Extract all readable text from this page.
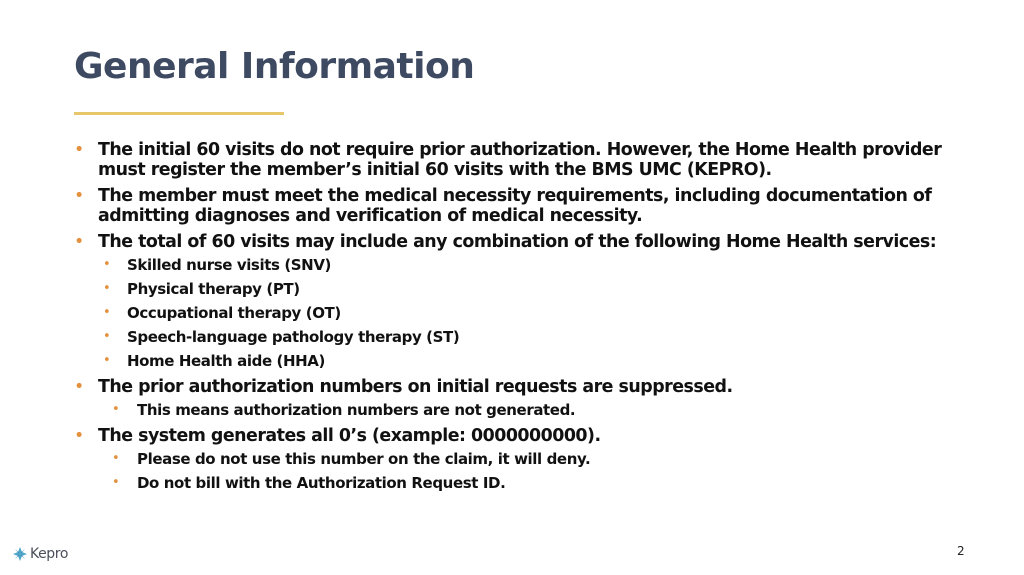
General Information
• The initial 60 visits do not require prior authorization. However, the Home Health provider must register the member’s initial 60 visits with the BMS UMC (KEPRO).
• The member must meet the medical necessity requirements, including documentation of admitting diagnoses and verification of medical necessity.
• The total of 60 visits may include any combination of the following Home Health services:
• Skilled nurse visits (SNV)
• Physical therapy (PT)
• Occupational therapy (OT)
• Speech-language pathology therapy (ST)
• Home Health aide (HHA)
• The prior authorization numbers on initial requests are suppressed.
• This means authorization numbers are not generated.
• The system generates all 0’s (example: 0000000000).
• Please do not use this number on the claim, it will deny.
• Do not bill with the Authorization Request ID.
Kepro	2
